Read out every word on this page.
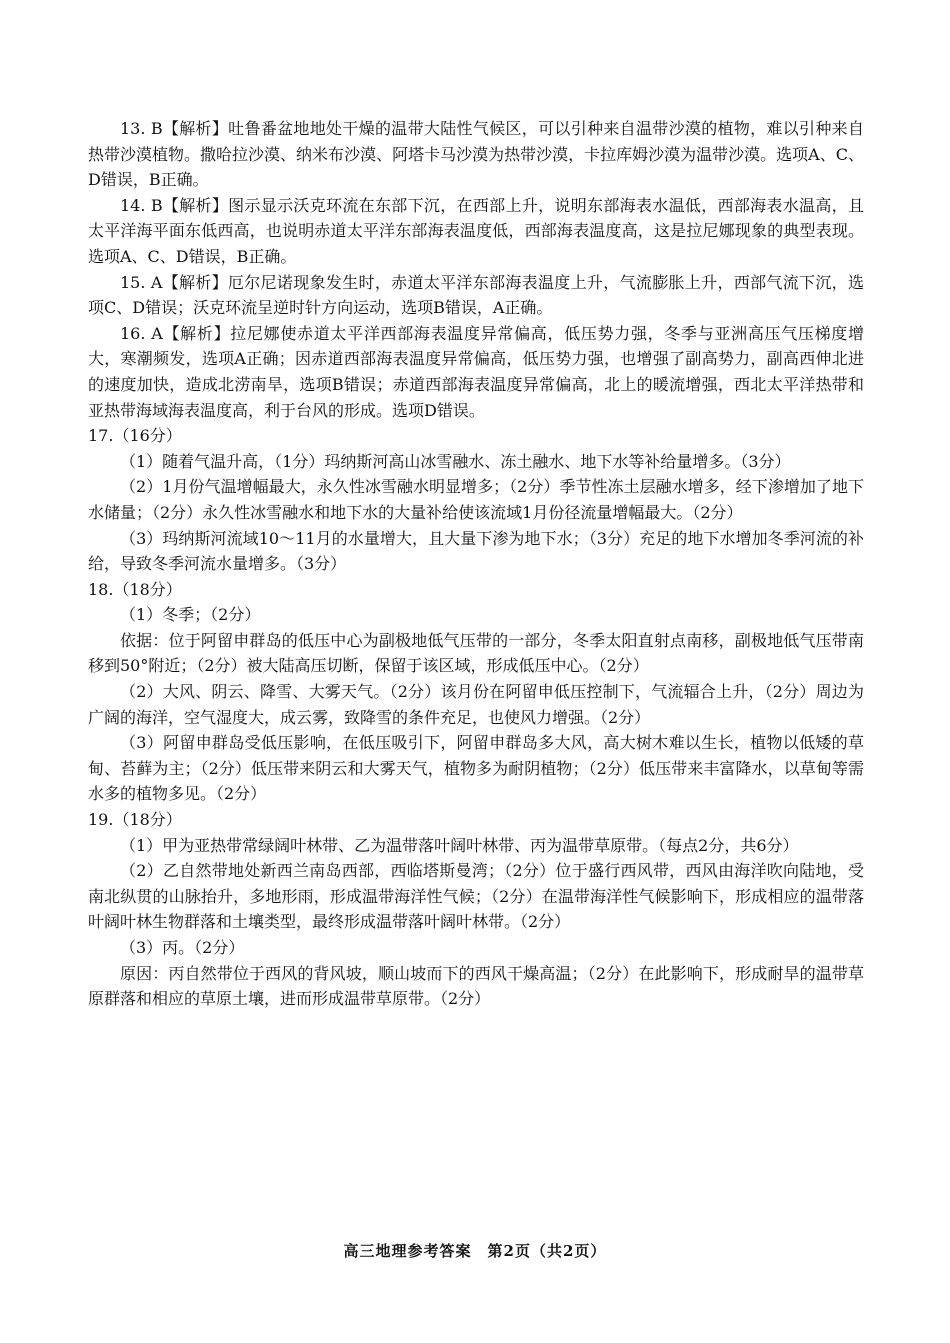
13. B【解析】吐鲁番盆地地处干燥的温带大陆性气候区，可以引种来自温带沙漠的植物，难以引种来自热带沙漠植物。撒哈拉沙漠、纳米布沙漠、阿塔卡马沙漠为热带沙漠，卡拉库姆沙漠为温带沙漠。选项A、C、D错误，B正确。

14. B【解析】图示显示沃克环流在东部下沉，在西部上升，说明东部海表水温低，西部海表水温高，且太平洋海平面东低西高，也说明赤道太平洋东部海表温度低，西部海表温度高，这是拉尼娜现象的典型表现。选项A、C、D错误，B正确。

15. A【解析】厄尔尼诺现象发生时，赤道太平洋东部海表温度上升，气流膨胀上升，西部气流下沉，选项C、D错误；沃克环流呈逆时针方向运动，选项B错误，A正确。

16. A【解析】拉尼娜使赤道太平洋西部海表温度异常偏高，低压势力强，冬季与亚洲高压气压梯度增大，寒潮频发，选项A正确；因赤道西部海表温度异常偏高，低压势力强，也增强了副高势力，副高西伸北进的速度加快，造成北涝南旱，选项B错误；赤道西部海表温度异常偏高，北上的暖流增强，西北太平洋热带和亚热带海域海表温度高，利于台风的形成。选项D错误。

17.（16分）

（1）随着气温升高，（1分）玛纳斯河高山冰雪融水、冻土融水、地下水等补给量增多。（3分）

（2）1月份气温增幅最大，永久性冰雪融水明显增多；（2分）季节性冻土层融水增多，经下渗增加了地下水储量；（2分）永久性冰雪融水和地下水的大量补给使该流域1月份径流量增幅最大。（2分）

（3）玛纳斯河流域10～11月的水量增大，且大量下渗为地下水；（3分）充足的地下水增加冬季河流的补给，导致冬季河流水量增多。（3分）

18.（18分）

（1）冬季；（2分）

依据：位于阿留申群岛的低压中心为副极地低气压带的一部分，冬季太阳直射点南移，副极地低气压带南移到50°附近；（2分）被大陆高压切断，保留于该区域，形成低压中心。（2分）

（2）大风、阴云、降雪、大雾天气。（2分）该月份在阿留申低压控制下，气流辐合上升，（2分）周边为广阔的海洋，空气湿度大，成云雾，致降雪的条件充足，也使风力增强。（2分）

（3）阿留申群岛受低压影响，在低压吸引下，阿留申群岛多大风，高大树木难以生长，植物以低矮的草甸、苔藓为主；（2分）低压带来阴云和大雾天气，植物多为耐阴植物；（2分）低压带来丰富降水，以草甸等需水多的植物多见。（2分）

19.（18分）

（1）甲为亚热带常绿阔叶林带、乙为温带落叶阔叶林带、丙为温带草原带。（每点2分，共6分）

（2）乙自然带地处新西兰南岛西部，西临塔斯曼湾；（2分）位于盛行西风带，西风由海洋吹向陆地，受南北纵贯的山脉抬升，多地形雨，形成温带海洋性气候；（2分）在温带海洋性气候影响下，形成相应的温带落叶阔叶林生物群落和土壤类型，最终形成温带落叶阔叶林带。（2分）

（3）丙。（2分）

原因：丙自然带位于西风的背风坡，顺山坡而下的西风干燥高温；（2分）在此影响下，形成耐旱的温带草原群落和相应的草原土壤，进而形成温带草原带。（2分）

高三地理参考答案　第2页（共2页）
